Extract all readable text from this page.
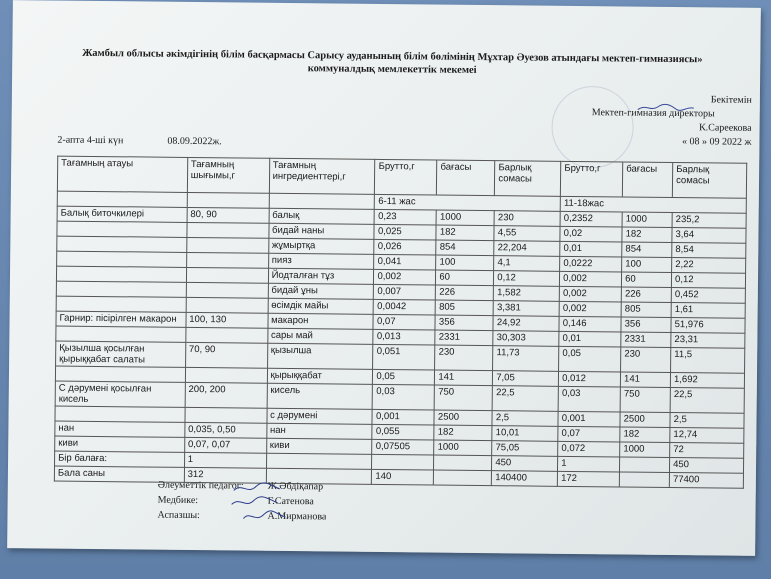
Жамбыл облысы әкімдігінің білім басқармасы Сарысу ауданының білім бөлімінің Мұхтар Әуезов атындағы мектеп-гимназиясы»
коммуналдық мемлекеттік мекемеі
Бекітемін
Мектеп-гимназия директоры
К.Сареекова
« 08 » 09 2022 ж
2-апта 4-ші күн	08.09.2022ж.
Тағамның атауы	Тағамның шығымы,г	Тағамның ингредиенттері,г	Брутто,г	бағасы	Барлық сомасы	Брутто,г	бағасы	Барлық сомасы
			6-11 жас			11-18жас		
Балық биточкилері	80, 90	балық	0,23	1000	230	0,2352	1000	235,2
		бидай наны	0,025	182	4,55	0,02	182	3,64
		жұмыртқа	0,026	854	22,204	0,01	854	8,54
		пияз	0,041	100	4,1	0,0222	100	2,22
		Йодталған тұз	0,002	60	0,12	0,002	60	0,12
		бидай ұны	0,007	226	1,582	0,002	226	0,452
		өсімдік майы	0,0042	805	3,381	0,002	805	1,61
Гарнир: пісірілген макарон	100, 130	макарон	0,07	356	24,92	0,146	356	51,976
		сары май	0,013	2331	30,303	0,01	2331	23,31
Қызылша қосылған қырыққабат салаты	70, 90	қызылша	0,051	230	11,73	0,05	230	11,5
		қырыққабат	0,05	141	7,05	0,012	141	1,692
С дәрумені қосылған кисель	200, 200	кисель	0,03	750	22,5	0,03	750	22,5
		с дәрумені	0,001	2500	2,5	0,001	2500	2,5
нан	0,035, 0,50	нан	0,055	182	10,01	0,07	182	12,74
киви	0,07, 0,07	киви	0,07505	1000	75,05	0,072	1000	72
Бір балаға:	1				450	1		450
Бала саны	312		140		140400	172		77400
Әлеуметтік педагог:	Ж.Әбдіқапар
Медбике:	Г.Сатенова
Аспазшы:	А.Мирманова
